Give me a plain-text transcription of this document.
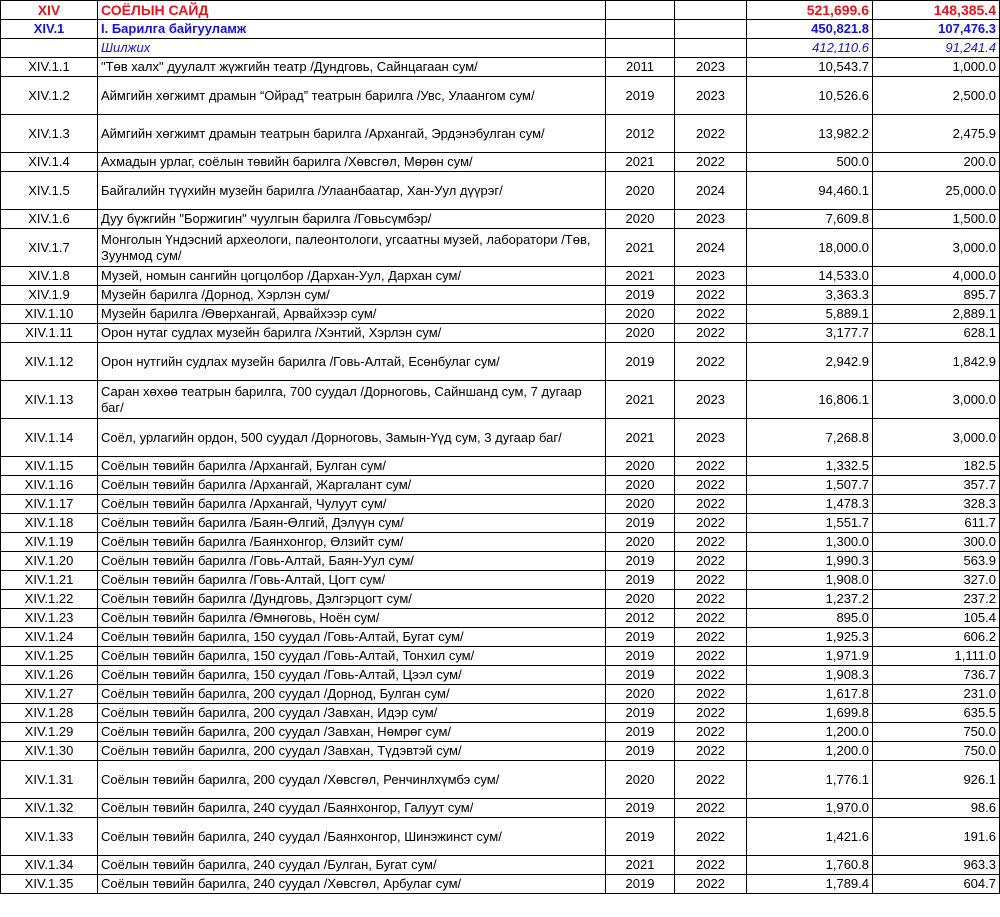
XIV	СОЁЛЫН САЙД			521,699.6	148,385.4
XIV.1	I. Барилга байгууламж			450,821.8	107,476.3
	Шилжих			412,110.6	91,241.4
XIV.1.1	"Төв халх" дуулалт жүжгийн театр /Дундговь, Сайнцагаан сум/	2011	2023	10,543.7	1,000.0
XIV.1.2	Аймгийн хөгжимт драмын “Ойрад” театрын барилга /Увс, Улаангом сум/	2019	2023	10,526.6	2,500.0
XIV.1.3	Аймгийн хөгжимт драмын театрын барилга /Архангай, Эрдэнэбулган сум/	2012	2022	13,982.2	2,475.9
XIV.1.4	Ахмадын урлаг, соёлын төвийн барилга /Хөвсгөл, Мөрөн сум/	2021	2022	500.0	200.0
XIV.1.5	Байгалийн түүхийн музейн барилга /Улаанбаатар, Хан-Уул дүүрэг/	2020	2024	94,460.1	25,000.0
XIV.1.6	Дуу бүжгийн "Боржигин" чуулгын барилга /Говьсүмбэр/	2020	2023	7,609.8	1,500.0
XIV.1.7	Монголын Үндэсний археологи, палеонтологи, угсаатны музей, лаборатори /Төв, Зуунмод сум/	2021	2024	18,000.0	3,000.0
XIV.1.8	Музей, номын сангийн цогцолбор /Дархан-Уул, Дархан сум/	2021	2023	14,533.0	4,000.0
XIV.1.9	Музейн барилга /Дорнод, Хэрлэн сум/	2019	2022	3,363.3	895.7
XIV.1.10	Музейн барилга /Өвөрхангай, Арвайхээр сум/	2020	2022	5,889.1	2,889.1
XIV.1.11	Орон нутаг судлах музейн барилга /Хэнтий, Хэрлэн сум/	2020	2022	3,177.7	628.1
XIV.1.12	Орон нутгийн судлах музейн барилга /Говь-Алтай, Есөнбулаг сум/	2019	2022	2,942.9	1,842.9
XIV.1.13	Саран хөхөө театрын барилга, 700 суудал /Дорноговь, Сайншанд сум, 7 дугаар баг/	2021	2023	16,806.1	3,000.0
XIV.1.14	Соёл, урлагийн ордон, 500 суудал /Дорноговь, Замын-Үүд сум, 3 дугаар баг/	2021	2023	7,268.8	3,000.0
XIV.1.15	Соёлын төвийн барилга /Архангай, Булган сум/	2020	2022	1,332.5	182.5
XIV.1.16	Соёлын төвийн барилга /Архангай, Жаргалант сум/	2020	2022	1,507.7	357.7
XIV.1.17	Соёлын төвийн барилга /Архангай, Чулуут сум/	2020	2022	1,478.3	328.3
XIV.1.18	Соёлын төвийн барилга /Баян-Өлгий, Дэлүүн сум/	2019	2022	1,551.7	611.7
XIV.1.19	Соёлын төвийн барилга /Баянхонгор, Өлзийт сум/	2020	2022	1,300.0	300.0
XIV.1.20	Соёлын төвийн барилга /Говь-Алтай, Баян-Уул сум/	2019	2022	1,990.3	563.9
XIV.1.21	Соёлын төвийн барилга /Говь-Алтай, Цогт сум/	2019	2022	1,908.0	327.0
XIV.1.22	Соёлын төвийн барилга /Дундговь, Дэлгэрцогт сум/	2020	2022	1,237.2	237.2
XIV.1.23	Соёлын төвийн барилга /Өмнөговь, Ноён сум/	2012	2022	895.0	105.4
XIV.1.24	Соёлын төвийн барилга, 150 суудал /Говь-Алтай, Бугат сум/	2019	2022	1,925.3	606.2
XIV.1.25	Соёлын төвийн барилга, 150 суудал /Говь-Алтай, Тонхил сум/	2019	2022	1,971.9	1,111.0
XIV.1.26	Соёлын төвийн барилга, 150 суудал /Говь-Алтай, Цээл сум/	2019	2022	1,908.3	736.7
XIV.1.27	Соёлын төвийн барилга, 200 суудал /Дорнод, Булган сум/	2020	2022	1,617.8	231.0
XIV.1.28	Соёлын төвийн барилга, 200 суудал /Завхан, Идэр сум/	2019	2022	1,699.8	635.5
XIV.1.29	Соёлын төвийн барилга, 200 суудал /Завхан, Нөмрөг сум/	2019	2022	1,200.0	750.0
XIV.1.30	Соёлын төвийн барилга, 200 суудал /Завхан, Түдэвтэй сум/	2019	2022	1,200.0	750.0
XIV.1.31	Соёлын төвийн барилга, 200 суудал /Хөвсгөл, Ренчинлхүмбэ сум/	2020	2022	1,776.1	926.1
XIV.1.32	Соёлын төвийн барилга, 240 суудал /Баянхонгор, Галуут сум/	2019	2022	1,970.0	98.6
XIV.1.33	Соёлын төвийн барилга, 240 суудал /Баянхонгор, Шинэжинст сум/	2019	2022	1,421.6	191.6
XIV.1.34	Соёлын төвийн барилга, 240 суудал /Булган, Бугат сум/	2021	2022	1,760.8	963.3
XIV.1.35	Соёлын төвийн барилга, 240 суудал /Хөвсгөл, Арбулаг сум/	2019	2022	1,789.4	604.7
